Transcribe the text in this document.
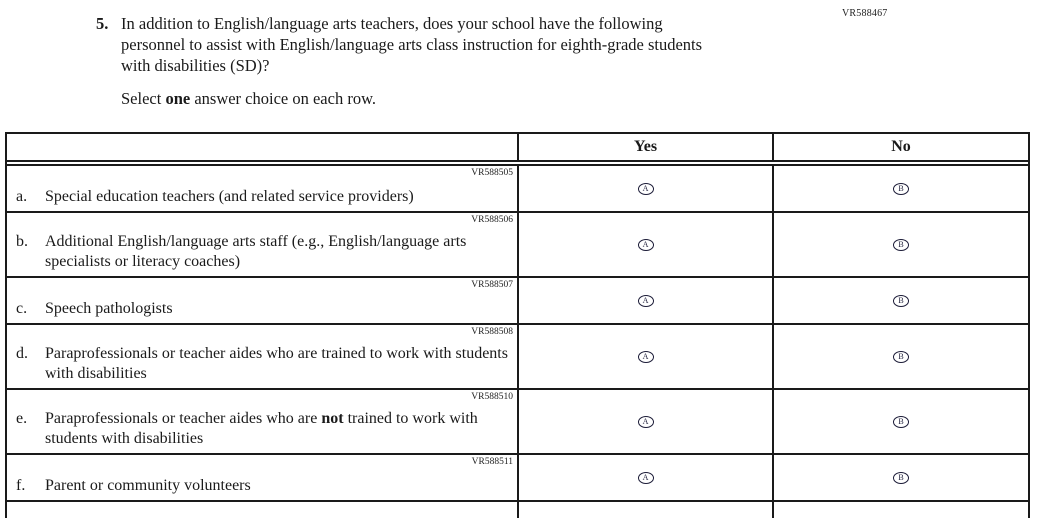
VR588467
5. In addition to English/language arts teachers, does your school have the following
personnel to assist with English/language arts class instruction for eighth-grade students
with disabilities (SD)?
Select one answer choice on each row.
Yes	No
VR588505
a.	Special education teachers (and related service providers)	A	B
VR588506
b.	Additional English/language arts staff (e.g., English/language arts specialists or literacy coaches)
A	B
VR588507
c.	Speech pathologists	A	B
VR588508
d.	Paraprofessionals or teacher aides who are trained to work with students with disabilities
A	B
VR588510
e.	Paraprofessionals or teacher aides who are not trained to work with students with disabilities
A	B
VR588511
f.	Parent or community volunteers	A	B
